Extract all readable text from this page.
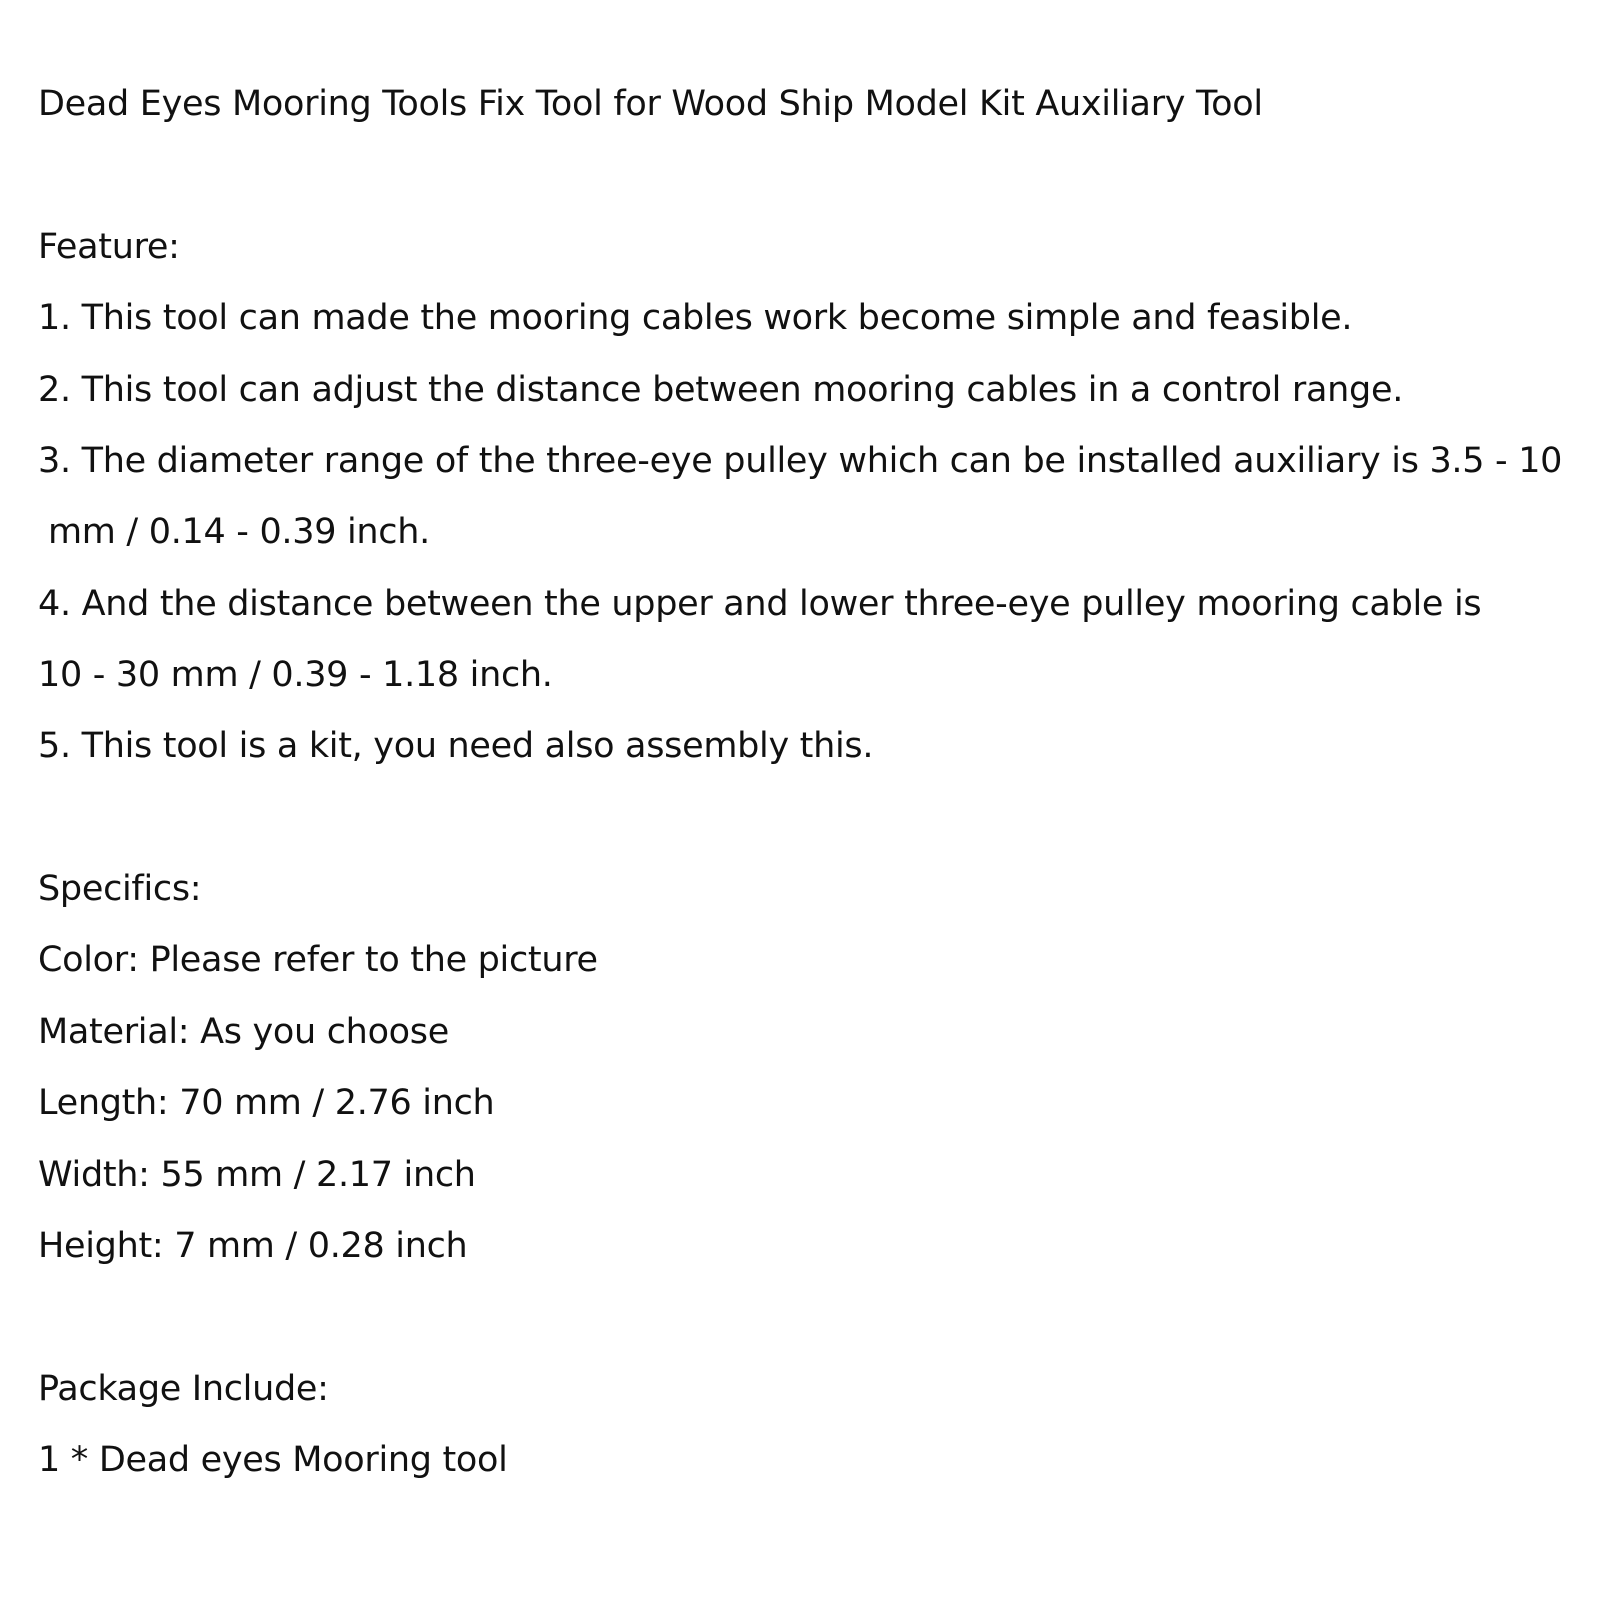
Dead Eyes Mooring Tools Fix Tool for Wood Ship Model Kit Auxiliary Tool
Feature:
1. This tool can made the mooring cables work become simple and feasible.
2. This tool can adjust the distance between mooring cables in a control range.
3. The diameter range of the three-eye pulley which can be installed auxiliary is 3.5 - 10
mm / 0.14 - 0.39 inch.
4. And the distance between the upper and lower three-eye pulley mooring cable is
10 - 30 mm / 0.39 - 1.18 inch.
5. This tool is a kit, you need also assembly this.
Specifics:
Color: Please refer to the picture
Material: As you choose
Length: 70 mm / 2.76 inch
Width: 55 mm / 2.17 inch
Height: 7 mm / 0.28 inch
Package Include:
1 * Dead eyes Mooring tool
